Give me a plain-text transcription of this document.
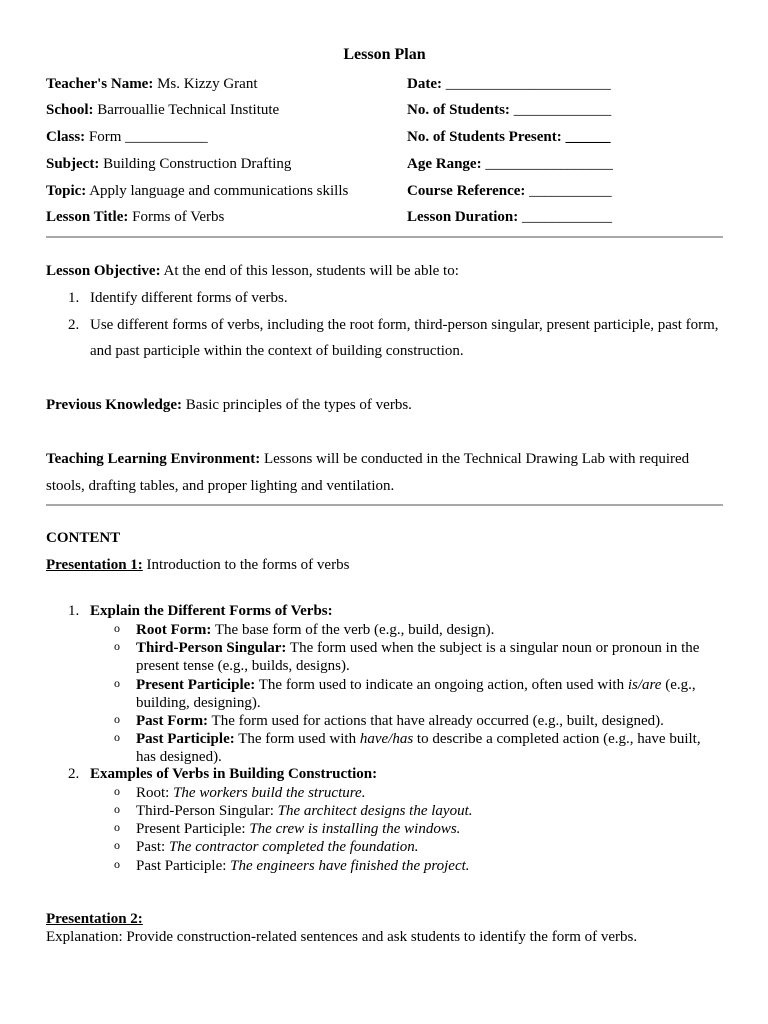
Lesson Plan
Teacher's Name: Ms. Kizzy Grant	Date: ______________________
School: Barrouallie Technical Institute	No. of Students: _____________
Class: Form ___________	No. of Students Present: ______
Subject: Building Construction Drafting	Age Range: _________________
Topic: Apply language and communications skills	Course Reference: ___________
Lesson Title: Forms of Verbs	Lesson Duration: ____________
Lesson Objective: At the end of this lesson, students will be able to:
1. Identify different forms of verbs.
2. Use different forms of verbs, including the root form, third-person singular, present participle, past form,
and past participle within the context of building construction.
Previous Knowledge: Basic principles of the types of verbs.
Teaching Learning Environment: Lessons will be conducted in the Technical Drawing Lab with required
stools, drafting tables, and proper lighting and ventilation.
CONTENT
Presentation 1: Introduction to the forms of verbs
1. Explain the Different Forms of Verbs:
o Root Form: The base form of the verb (e.g., build, design).
o Third-Person Singular: The form used when the subject is a singular noun or pronoun in the
present tense (e.g., builds, designs).
o Present Participle: The form used to indicate an ongoing action, often used with is/are (e.g.,
building, designing).
o Past Form: The form used for actions that have already occurred (e.g., built, designed).
o Past Participle: The form used with have/has to describe a completed action (e.g., have built,
has designed).
2. Examples of Verbs in Building Construction:
o Root: The workers build the structure.
o Third-Person Singular: The architect designs the layout.
o Present Participle: The crew is installing the windows.
o Past: The contractor completed the foundation.
o Past Participle: The engineers have finished the project.
Presentation 2:
Explanation: Provide construction-related sentences and ask students to identify the form of verbs.
